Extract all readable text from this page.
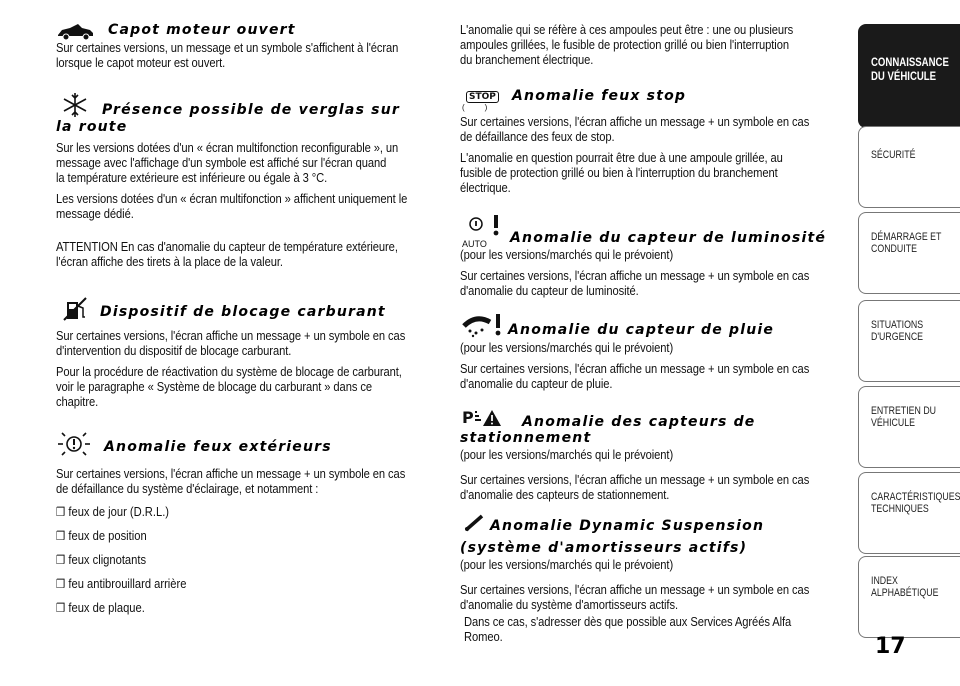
Capot moteur ouvert

Sur certaines versions, un message et un symbole s'affichent à l'écran

lorsque le capot moteur est ouvert.

Présence possible de verglas sur
la route

Sur les versions dotées d'un « écran multifonction reconfigurable », un

message avec l'affichage d'un symbole est affiché sur l'écran quand

la température extérieure est inférieure ou égale à 3 °C.

Les versions dotées d'un « écran multifonction » affichent uniquement le

message dédié.

ATTENTION En cas d'anomalie du capteur de température extérieure,

l'écran affiche des tirets à la place de la valeur.

Dispositif de blocage carburant

Sur certaines versions, l'écran affiche un message + un symbole en cas

d'intervention du dispositif de blocage carburant.

Pour la procédure de réactivation du système de blocage de carburant,

voir le paragraphe « Système de blocage du carburant » dans ce

chapitre.

Anomalie feux extérieurs

Sur certaines versions, l'écran affiche un message + un symbole en cas

de défaillance du système d'éclairage, et notamment :

❒ feux de jour (D.R.L.)
❒ feux de position
❒ feux clignotants
❒ feu antibrouillard arrière
❒ feux de plaque.

L'anomalie qui se réfère à ces ampoules peut être : une ou plusieurs

ampoules grillées, le fusible de protection grillé ou bien l'interruption

du branchement électrique.

STOP
(         )
Anomalie feux stop

Sur certaines versions, l'écran affiche un message + un symbole en cas

de défaillance des feux de stop.

L'anomalie en question pourrait être due à une ampoule grillée, au

fusible de protection grillé ou bien à l'interruption du branchement

électrique.

AUTO	Anomalie du capteur de luminosité

(pour les versions/marchés qui le prévoient)

Sur certaines versions, l'écran affiche un message + un symbole en cas

d'anomalie du capteur de luminosité.

Anomalie du capteur de pluie

(pour les versions/marchés qui le prévoient)

Sur certaines versions, l'écran affiche un message + un symbole en cas

d'anomalie du capteur de pluie.

P	Anomalie des capteurs de
stationnement

(pour les versions/marchés qui le prévoient)

Sur certaines versions, l'écran affiche un message + un symbole en cas

d'anomalie des capteurs de stationnement.

Anomalie Dynamic Suspension
(système d'amortisseurs actifs)

(pour les versions/marchés qui le prévoient)

Sur certaines versions, l'écran affiche un message + un symbole en cas

d'anomalie du système d'amortisseurs actifs.

Dans ce cas, s'adresser dès que possible aux Services Agréés Alfa

Romeo.

CONNAISSANCE
DU VÉHICULE
SÉCURITÉ
DÉMARRAGE ET
CONDUITE
SITUATIONS
D'URGENCE
ENTRETIEN DU
VÉHICULE
CARACTÉRISTIQUES
TECHNIQUES
INDEX
ALPHABÉTIQUE
17
